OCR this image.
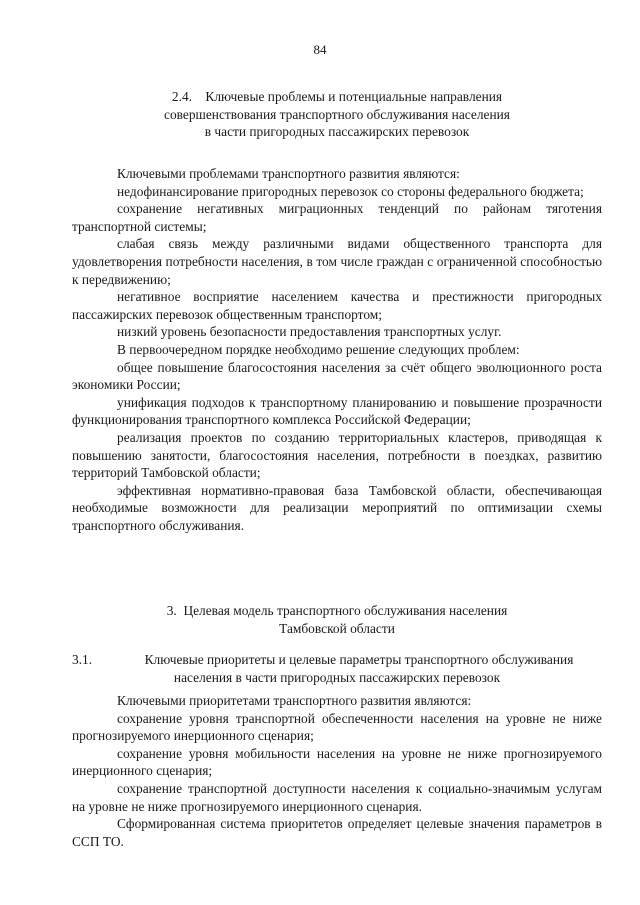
84

2.4.    Ключевые проблемы и потенциальные направления

совершенствования транспортного обслуживания населения

в части пригородных пассажирских перевозок

Ключевыми проблемами транспортного развития являются:

недофинансирование пригородных перевозок со стороны федерального бюджета;

сохранение негативных миграционных тенденций по районам тяготения транспортной системы;

слабая связь между различными видами общественного транспорта для удовлетворения потребности населения, в том числе граждан с ограниченной способностью к передвижению;

негативное восприятие населением качества и престижности пригородных пассажирских перевозок общественным транспортом;

низкий уровень безопасности предоставления транспортных услуг.

В первоочередном порядке необходимо решение следующих проблем:

общее повышение благосостояния населения за счёт общего эволюционного роста экономики России;

унификация подходов к транспортному планированию и повышение прозрачности функционирования транспортного комплекса Российской Федерации;

реализация проектов по созданию территориальных кластеров, приводящая к повышению занятости, благосостояния населения, потребности в поездках, развитию территорий Тамбовской области;

эффективная нормативно-правовая база Тамбовской области, обеспечивающая необходимые возможности для реализации мероприятий по оптимизации схемы транспортного обслуживания.

3.  Целевая модель транспортного обслуживания населения

Тамбовской области

3.1.	Ключевые приоритеты и целевые параметры транспортного обслуживания

населения в части пригородных пассажирских перевозок

Ключевыми приоритетами транспортного развития являются:

сохранение уровня транспортной обеспеченности населения на уровне не ниже прогнозируемого инерционного сценария;

сохранение уровня мобильности населения на уровне не ниже прогнозируемого инерционного сценария;

сохранение транспортной доступности населения к социально-значимым услугам на уровне не ниже прогнозируемого инерционного сценария.

Сформированная система приоритетов определяет целевые значения параметров в ССП ТО.
